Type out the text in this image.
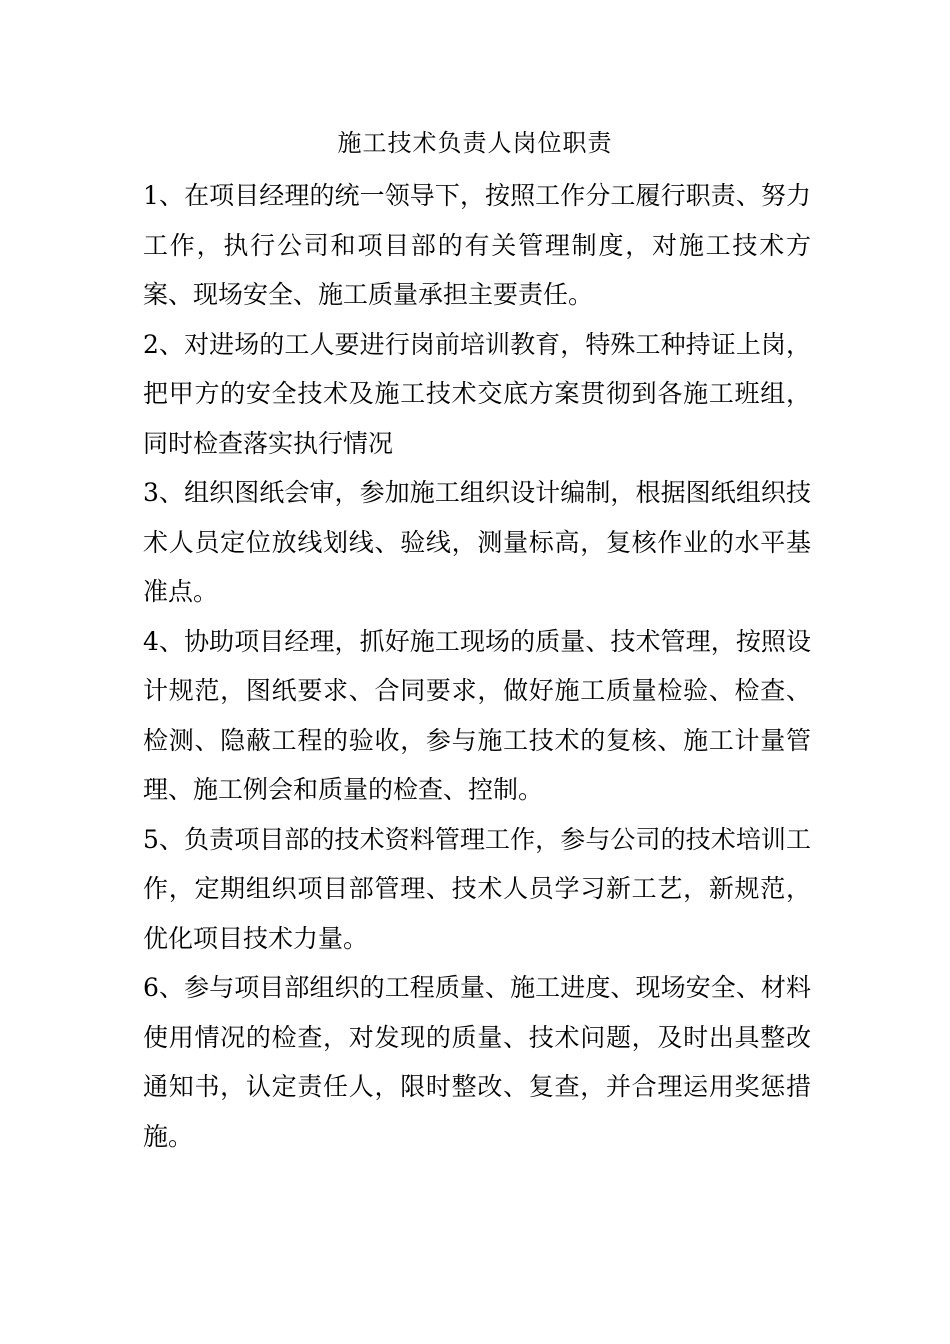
施工技术负责人岗位职责

1、在项目经理的统一领导下，按照工作分工履行职责、努力工作，执行公司和项目部的有关管理制度，对施工技术方案、现场安全、施工质量承担主要责任。

2、对进场的工人要进行岗前培训教育，特殊工种持证上岗，把甲方的安全技术及施工技术交底方案贯彻到各施工班组，同时检查落实执行情况

3、组织图纸会审，参加施工组织设计编制，根据图纸组织技术人员定位放线划线、验线，测量标高，复核作业的水平基准点。

4、协助项目经理，抓好施工现场的质量、技术管理，按照设计规范，图纸要求、合同要求，做好施工质量检验、检查、检测、隐蔽工程的验收，参与施工技术的复核、施工计量管理、施工例会和质量的检查、控制。

5、负责项目部的技术资料管理工作，参与公司的技术培训工作，定期组织项目部管理、技术人员学习新工艺，新规范，优化项目技术力量。

6、参与项目部组织的工程质量、施工进度、现场安全、材料使用情况的检查，对发现的质量、技术问题，及时出具整改通知书，认定责任人，限时整改、复查，并合理运用奖惩措施。
